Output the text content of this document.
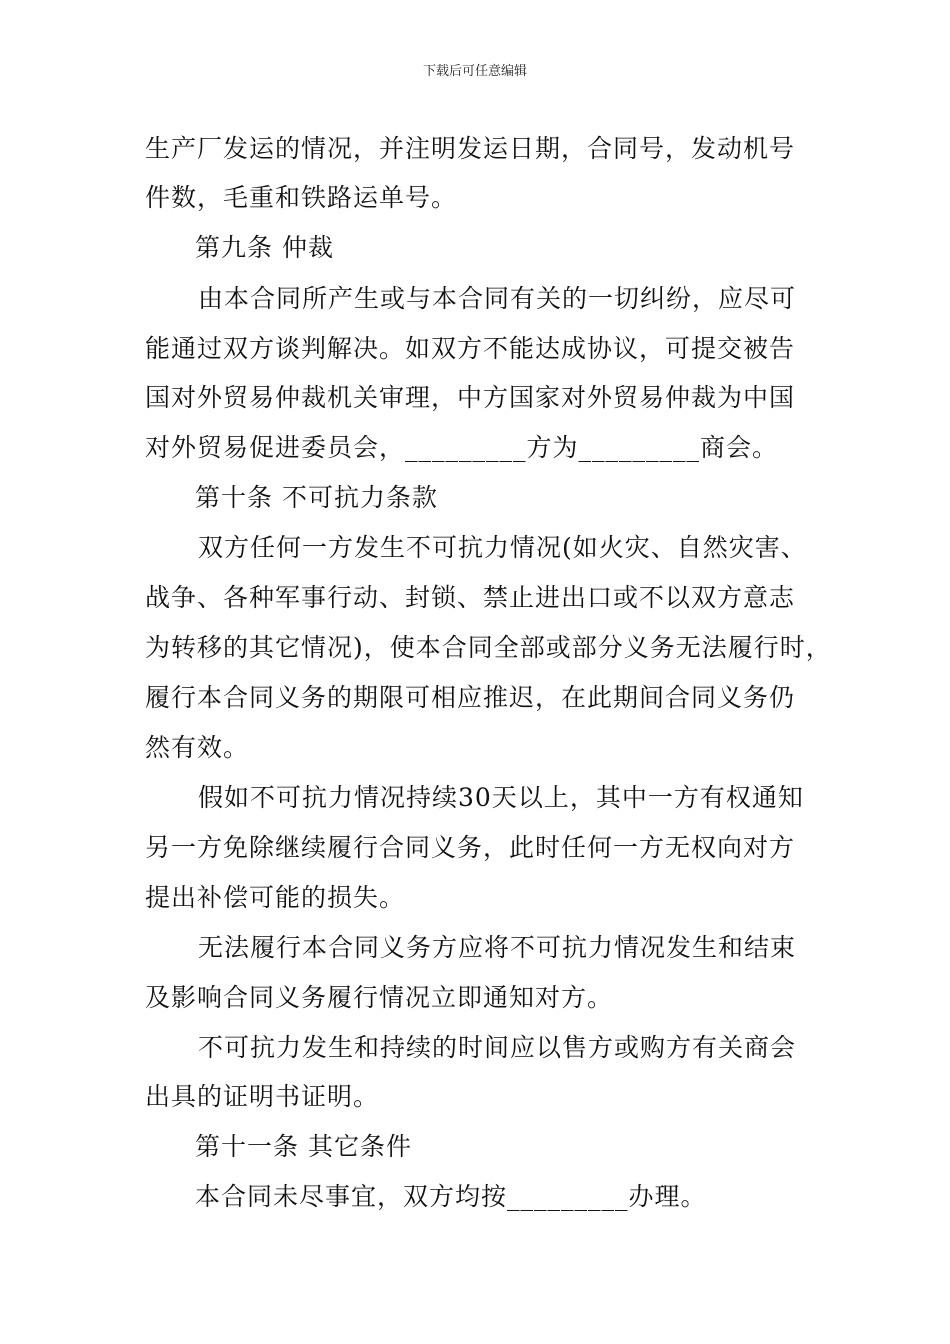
下载后可任意编辑
生产厂发运的情况，并注明发运日期，合同号，发动机号
件数，毛重和铁路运单号。
第九条 仲裁
由本合同所产生或与本合同有关的一切纠纷，应尽可
能通过双方谈判解决。如双方不能达成协议，可提交被告
国对外贸易仲裁机关审理，中方国家对外贸易仲裁为中国
对外贸易促进委员会，_________方为_________商会。
第十条 不可抗力条款
双方任何一方发生不可抗力情况(如火灾、自然灾害、
战争、各种军事行动、封锁、禁止进出口或不以双方意志
为转移的其它情况)，使本合同全部或部分义务无法履行时，
履行本合同义务的期限可相应推迟，在此期间合同义务仍
然有效。
假如不可抗力情况持续30天以上，其中一方有权通知
另一方免除继续履行合同义务，此时任何一方无权向对方
提出补偿可能的损失。
无法履行本合同义务方应将不可抗力情况发生和结束
及影响合同义务履行情况立即通知对方。
不可抗力发生和持续的时间应以售方或购方有关商会
出具的证明书证明。
第十一条 其它条件
本合同未尽事宜，双方均按_________办理。
